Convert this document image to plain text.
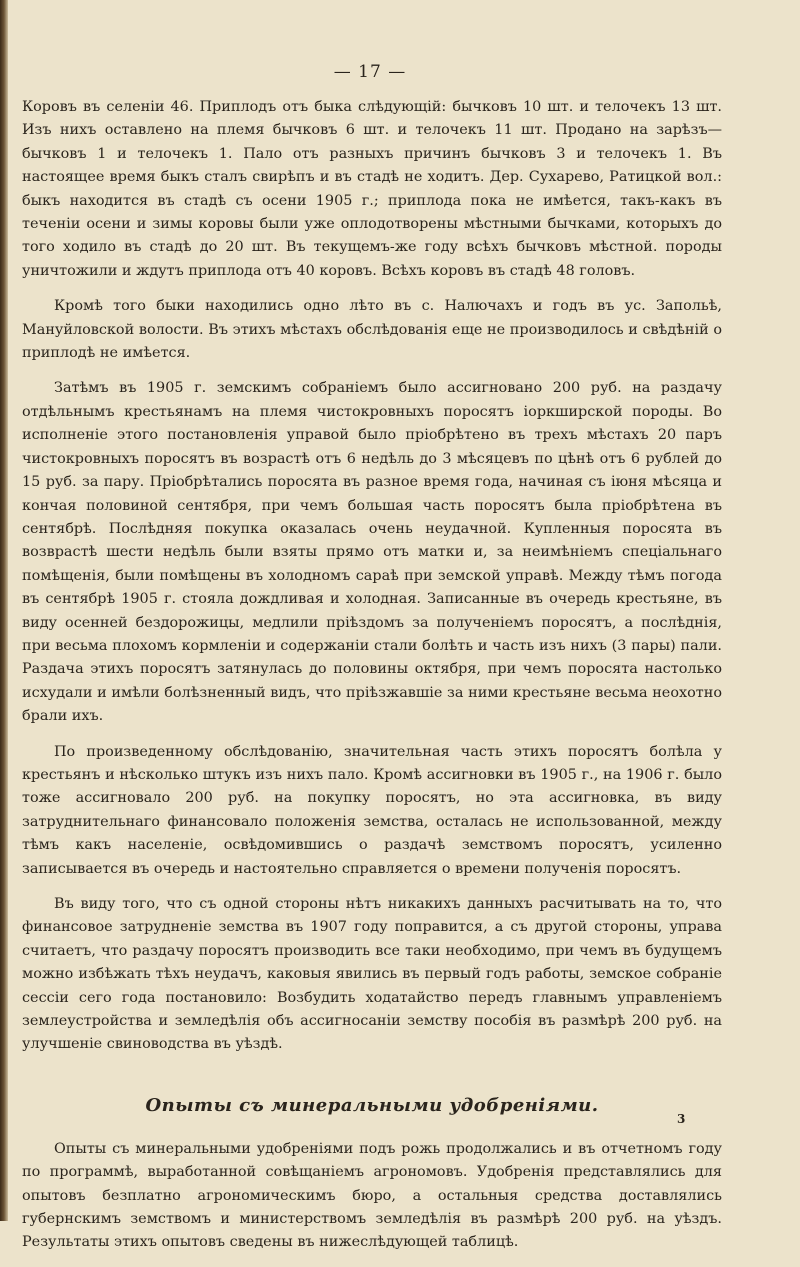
— 17 —

Коровъ въ селеніи 46. Приплодъ отъ быка слѣдующій: бычковъ 10 шт. и телочекъ 13 шт. Изъ нихъ оставлено на племя бычковъ 6 шт. и телочекъ 11 шт. Продано на зарѣзъ—бычковъ 1 и телочекъ 1. Пало отъ разныхъ причинъ бычковъ 3 и телочекъ 1. Въ настоящее время быкъ сталъ свирѣпъ и въ стадѣ не ходитъ. Дер. Сухарево, Ратицкой вол.: быкъ находится въ стадѣ съ осени 1905 г.; приплода пока не имѣется, такъ-какъ въ теченіи осени и зимы коровы были уже оплодотворены мѣстными бычками, которыхъ до того ходило въ стадѣ до 20 шт. Въ текущемъ-же году всѣхъ бычковъ мѣстной. породы уничтожили и ждутъ приплода отъ 40 коровъ. Всѣхъ коровъ въ стадѣ 48 головъ.

Кромѣ того быки находились одно лѣто въ с. Налючахъ и годъ въ ус. Запольѣ, Мануйловской волости. Въ этихъ мѣстахъ обслѣдованія еще не производилось и свѣдѣній о приплодѣ не имѣется.

Затѣмъ въ 1905 г. земскимъ собраніемъ было ассигновано 200 руб. на раздачу отдѣльнымъ крестьянамъ на племя чистокровныхъ поросятъ іоркширской породы. Во исполненіе этого постановленія управой было пріобрѣтено въ трехъ мѣстахъ 20 паръ чистокровныхъ поросятъ въ возрастѣ отъ 6 недѣль до 3 мѣсяцевъ по цѣнѣ отъ 6 рублей до 15 руб. за пару. Пріобрѣтались поросята въ разное время года, начиная съ іюня мѣсяца и кончая половиной сентября, при чемъ большая часть поросятъ была пріобрѣтена въ сентябрѣ. Послѣдняя покупка оказалась очень неудачной. Купленныя поросята въ возврастѣ шести недѣль были взяты прямо отъ матки и, за неимѣніемъ спеціальнаго помѣщенія, были помѣщены въ холодномъ сараѣ при земской управѣ. Между тѣмъ погода въ сентябрѣ 1905 г. стояла дождливая и холодная. Записанные въ очередь крестьяне, въ виду осенней бездорожицы, медлили пріѣздомъ за полученіемъ поросятъ, а послѣднія, при весьма плохомъ кормленіи и содержаніи стали болѣть и часть изъ нихъ (3 пары) пали. Раздача этихъ поросятъ затянулась до половины октября, при чемъ поросята настолько исхудали и имѣли болѣзненный видъ, что пріѣзжавшіе за ними крестьяне весьма неохотно брали ихъ.

По произведенному обслѣдованію, значительная часть этихъ поросятъ болѣла у крестьянъ и нѣсколько штукъ изъ нихъ пало. Кромѣ ассигновки въ 1905 г., на 1906 г. было тоже ассигновало 200 руб. на покупку поросятъ, но эта ассигновка, въ виду затруднительнаго финансовало положенія земства, осталась не использованной, между тѣмъ какъ населеніе, освѣдомившись о раздачѣ земствомъ поросятъ, усиленно записывается въ очередь и настоятельно справляется о времени полученія поросятъ.

Въ виду того, что съ одной стороны нѣтъ никакихъ данныхъ расчитывать на то, что финансовое затрудненіе земства въ 1907 году поправится, а съ другой стороны, управа считаетъ, что раздачу поросятъ производить все таки необходимо, при чемъ въ будущемъ можно избѣжать тѣхъ неудачъ, каковыя явились въ первый годъ работы, земское собраніе сессіи сего года постановило: Возбудить ходатайство передъ главнымъ управленіемъ землеустройства и земледѣлія объ ассигносаніи земству пособія въ размѣрѣ 200 руб. на улучшеніе свиноводства въ уѣздѣ.

Опыты съ минеральными удобреніями.

Опыты съ минеральными удобреніями подъ рожь продолжались и въ отчетномъ году по программѣ, выработанной совѣщаніемъ агрономовъ. Удобренія представлялись для опытовъ безплатно агрономическимъ бюро, а остальныя средства доставлялись губернскимъ земствомъ и министерствомъ земледѣлія въ размѣрѣ 200 руб. на уѣздъ. Результаты этихъ опытовъ сведены въ нижеслѣдующей таблицѣ.

3
